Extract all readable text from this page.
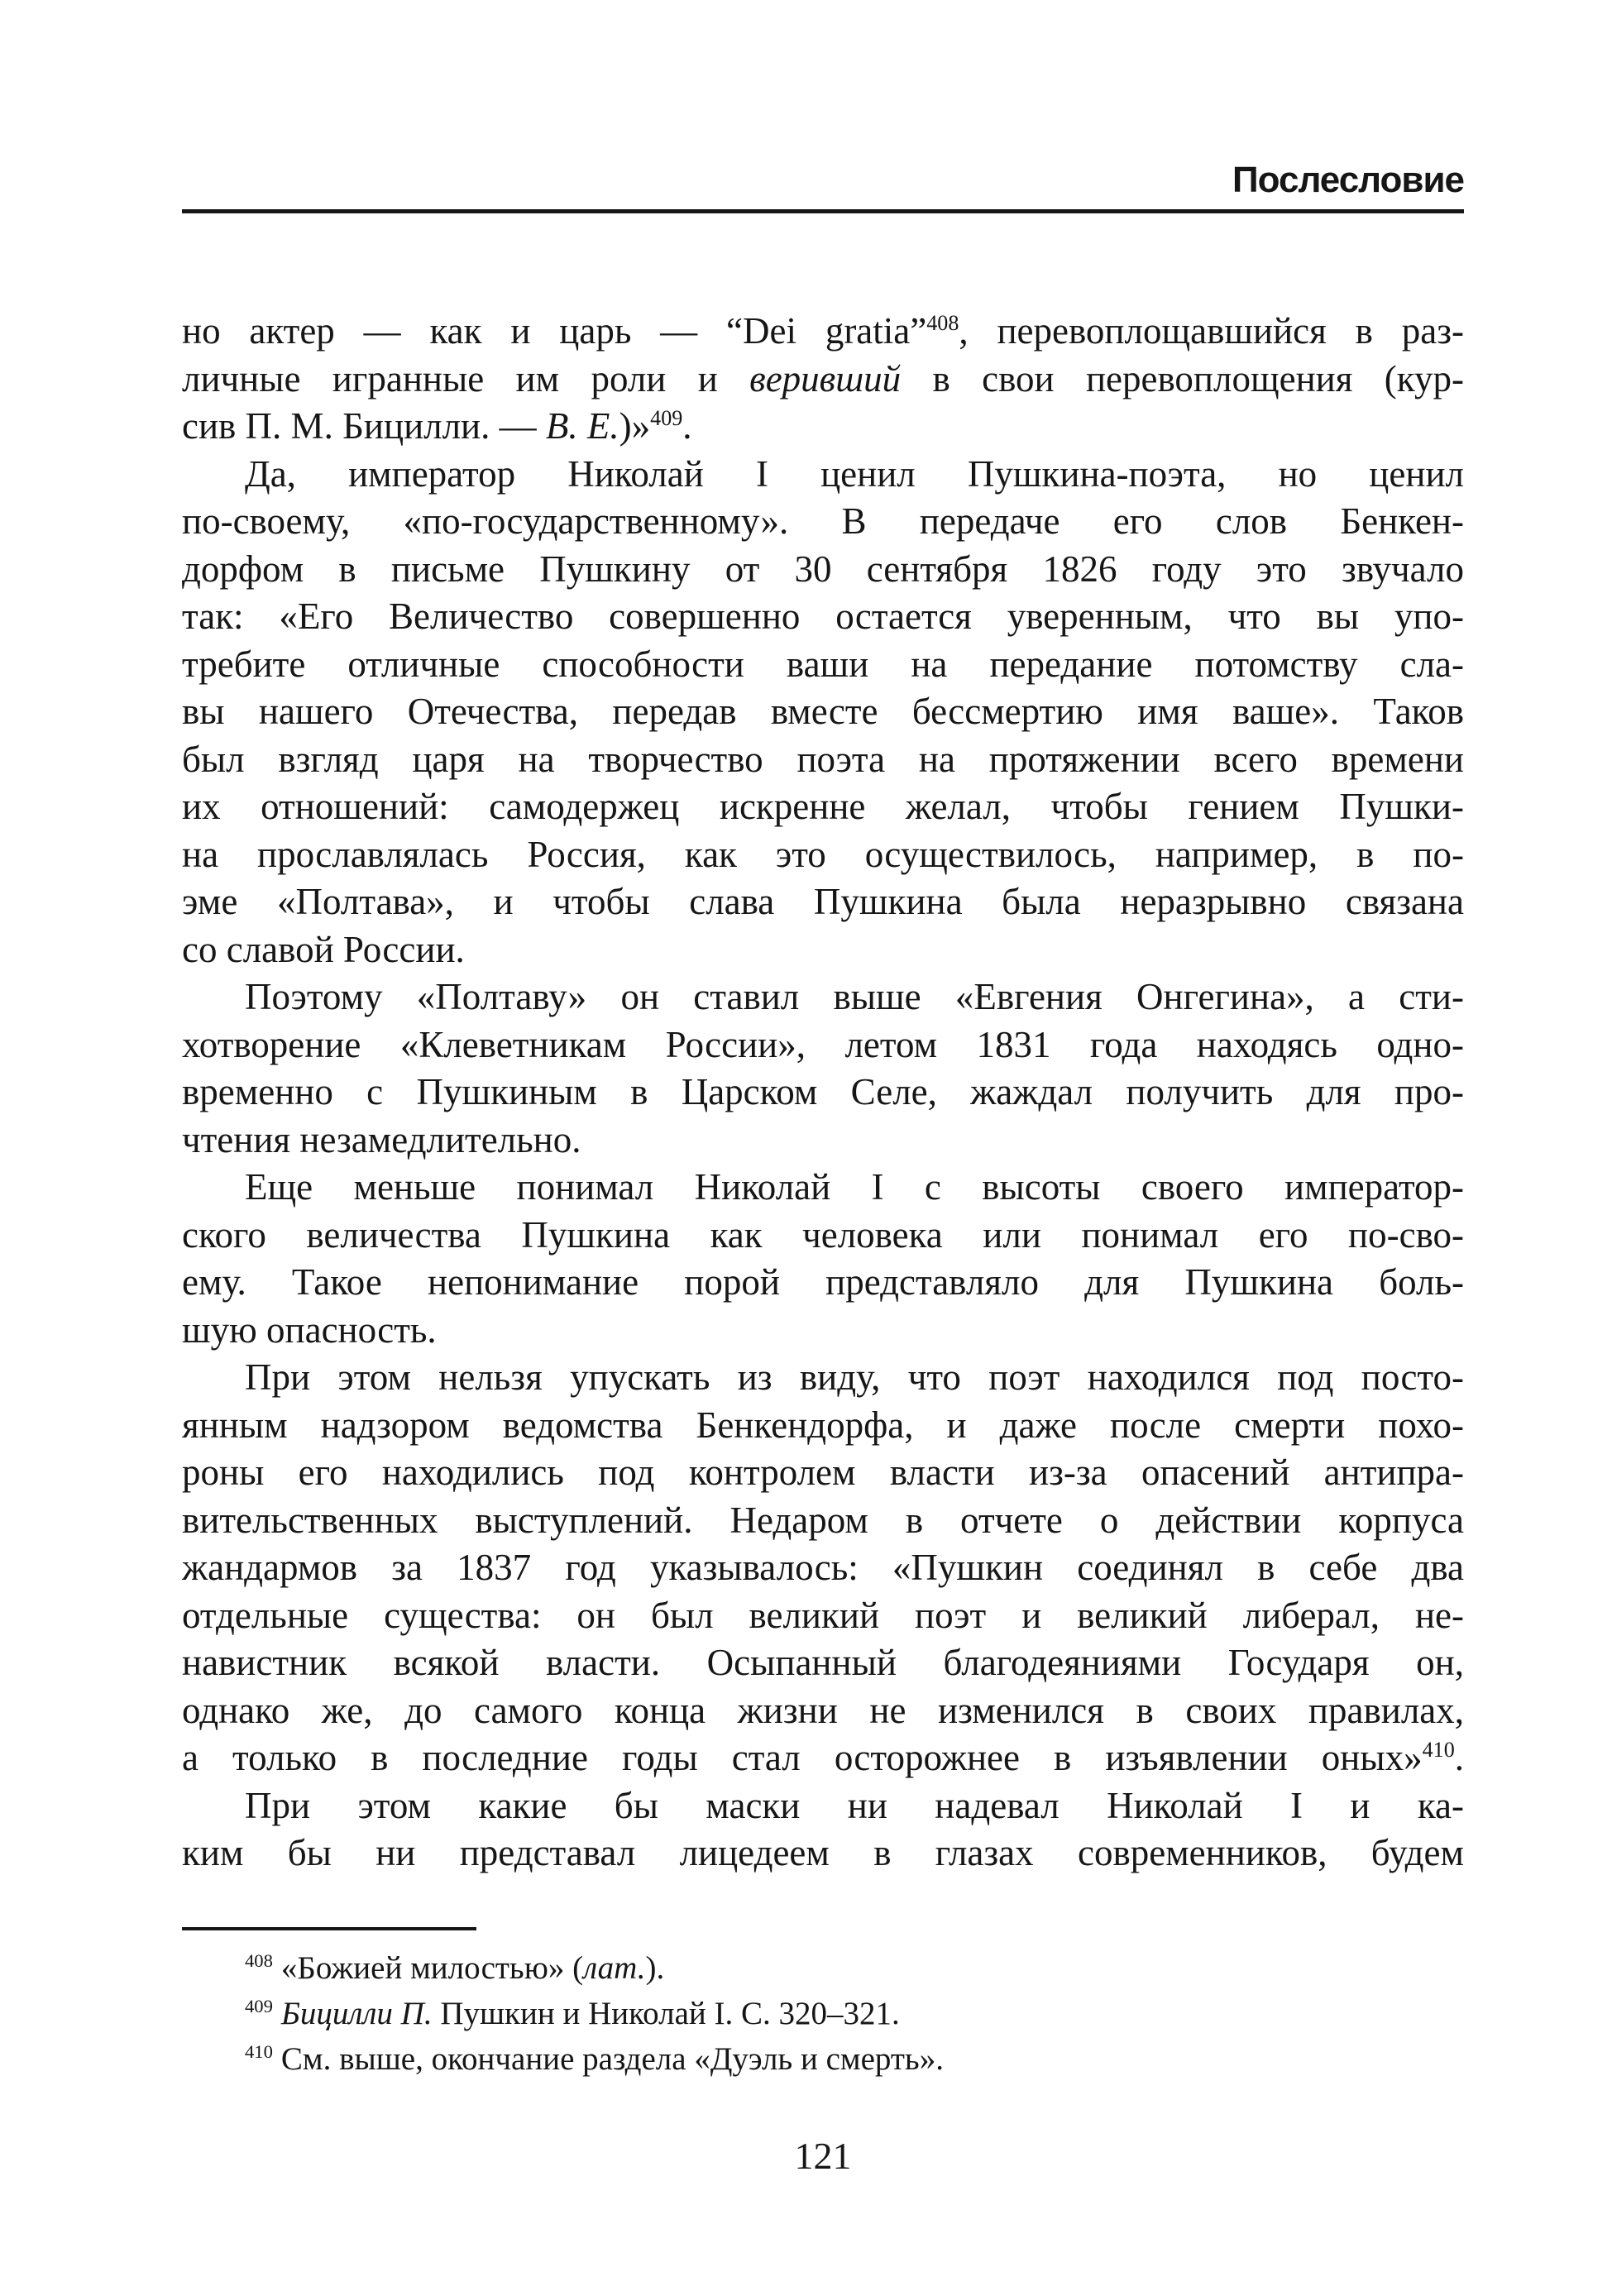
Послесловие
но актер — как и царь — “Dei gratia”$^{408}$, перевоплощавшийся в раз-
личные игранные им роли и веривший в свои перевоплощения (кур-
сив П. М. Бицилли. — В. Е.)»$^{409}$.
Да, император Николай I ценил Пушкина-поэта, но ценил
по-своему, «по-государственному». В передаче его слов Бенкен-
дорфом в письме Пушкину от 30 сентября 1826 году это звучало
так: «Его Величество совершенно остается уверенным, что вы упо-
требите отличные способности ваши на передание потомству сла-
вы нашего Отечества, передав вместе бессмертию имя ваше». Таков
был взгляд царя на творчество поэта на протяжении всего времени
их отношений: самодержец искренне желал, чтобы гением Пушки-
на прославлялась Россия, как это осуществилось, например, в по-
эме «Полтава», и чтобы слава Пушкина была неразрывно связана
со славой России.
Поэтому «Полтаву» он ставил выше «Евгения Онгегина», а сти-
хотворение «Клеветникам России», летом 1831 года находясь одно-
временно с Пушкиным в Царском Селе, жаждал получить для про-
чтения незамедлительно.
Еще меньше понимал Николай I с высоты своего император-
ского величества Пушкина как человека или понимал его по-сво-
ему. Такое непонимание порой представляло для Пушкина боль-
шую опасность.
При этом нельзя упускать из виду, что поэт находился под посто-
янным надзором ведомства Бенкендорфа, и даже после смерти похо-
роны его находились под контролем власти из-за опасений антипра-
вительственных выступлений. Недаром в отчете о действии корпуса
жандармов за 1837 год указывалось: «Пушкин соединял в себе два
отдельные существа: он был великий поэт и великий либерал, не-
навистник всякой власти. Осыпанный благодеяниями Государя он,
однако же, до самого конца жизни не изменился в своих правилах,
а только в последние годы стал осторожнее в изъявлении оных»$^{410}$.
При этом какие бы маски ни надевал Николай I и ка-
ким бы ни представал лицедеем в глазах современников, будем
$^{408}$ «Божией милостью» (лат.).
$^{409}$ Бицилли П. Пушкин и Николай I. С. 320–321.
$^{410}$ См. выше, окончание раздела «Дуэль и смерть».
121
